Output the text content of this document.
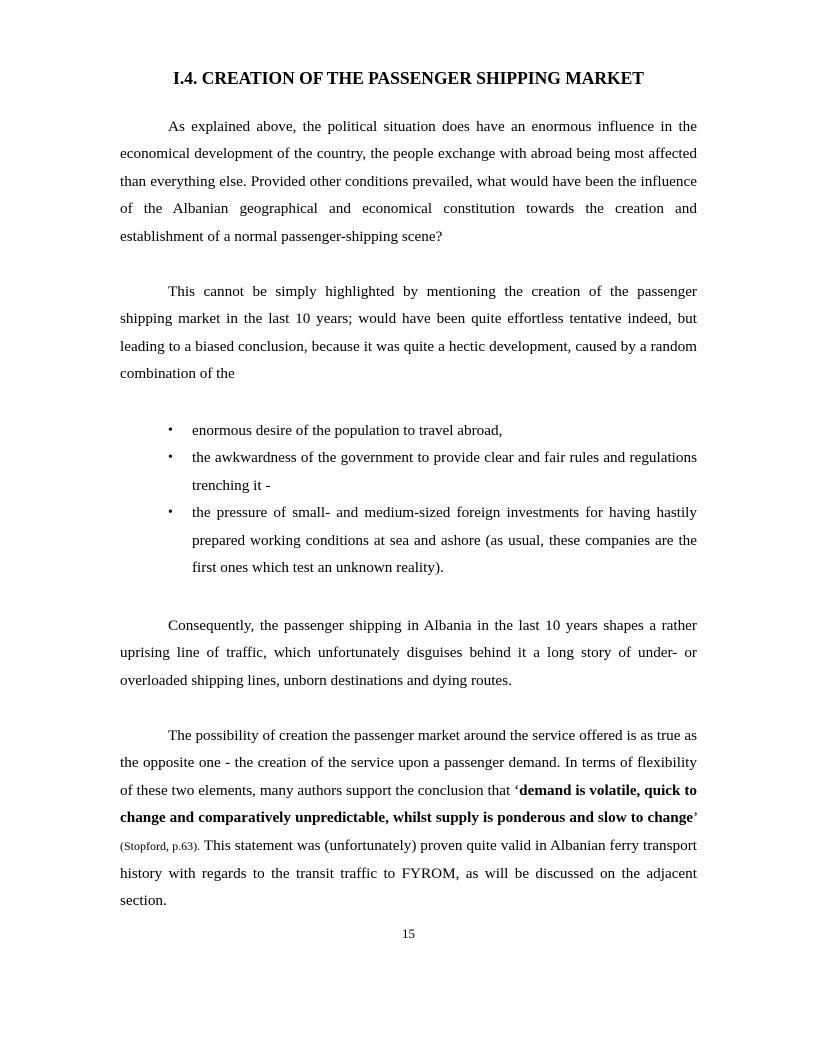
I.4. CREATION OF THE PASSENGER SHIPPING MARKET

As explained above, the political situation does have an enormous influence in the economical development of the country, the people exchange with abroad being most affected than everything else. Provided other conditions prevailed, what would have been the influence of the Albanian geographical and economical constitution towards the creation and establishment of a normal passenger-shipping scene?

This cannot be simply highlighted by mentioning the creation of the passenger shipping market in the last 10 years; would have been quite effortless tentative indeed, but leading to a biased conclusion, because it was quite a hectic development, caused by a random combination of the

•	enormous desire of the population to travel abroad,
•	the awkwardness of the government to provide clear and fair rules and regulations trenching it -
•	the pressure of small- and medium-sized foreign investments for having hastily prepared working conditions at sea and ashore (as usual, these companies are the first ones which test an unknown reality).

Consequently, the passenger shipping in Albania in the last 10 years shapes a rather uprising line of traffic, which unfortunately disguises behind it a long story of under- or overloaded shipping lines, unborn destinations and dying routes.

The possibility of creation the passenger market around the service offered is as true as the opposite one - the creation of the service upon a passenger demand. In terms of flexibility of these two elements, many authors support the conclusion that ‘demand is volatile, quick to change and comparatively unpredictable, whilst supply is ponderous and slow to change’ (Stopford, p.63). This statement was (unfortunately) proven quite valid in Albanian ferry transport history with regards to the transit traffic to FYROM, as will be discussed on the adjacent section.

15
